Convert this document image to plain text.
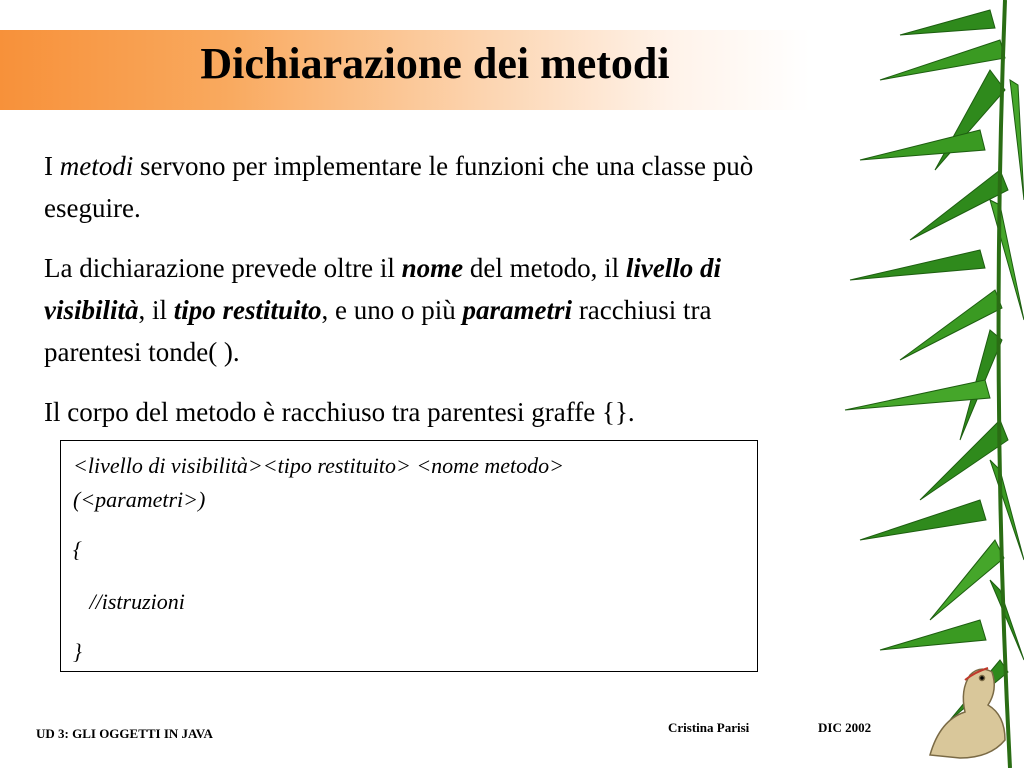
Dichiarazione dei metodi

I metodi servono per implementare le funzioni che una classe può eseguire.

La dichiarazione prevede oltre il nome del metodo, il livello di visibilità, il tipo restituito, e uno o più parametri racchiusi tra parentesi tonde( ).

Il corpo del metodo è racchiuso tra parentesi graffe {}.

<livello di visibilità><tipo restituito> <nome metodo>
(<parametri>)
{
//istruzioni
}
UD 3: GLI OGGETTI IN JAVA	Cristina Parisi	DIC 2002
